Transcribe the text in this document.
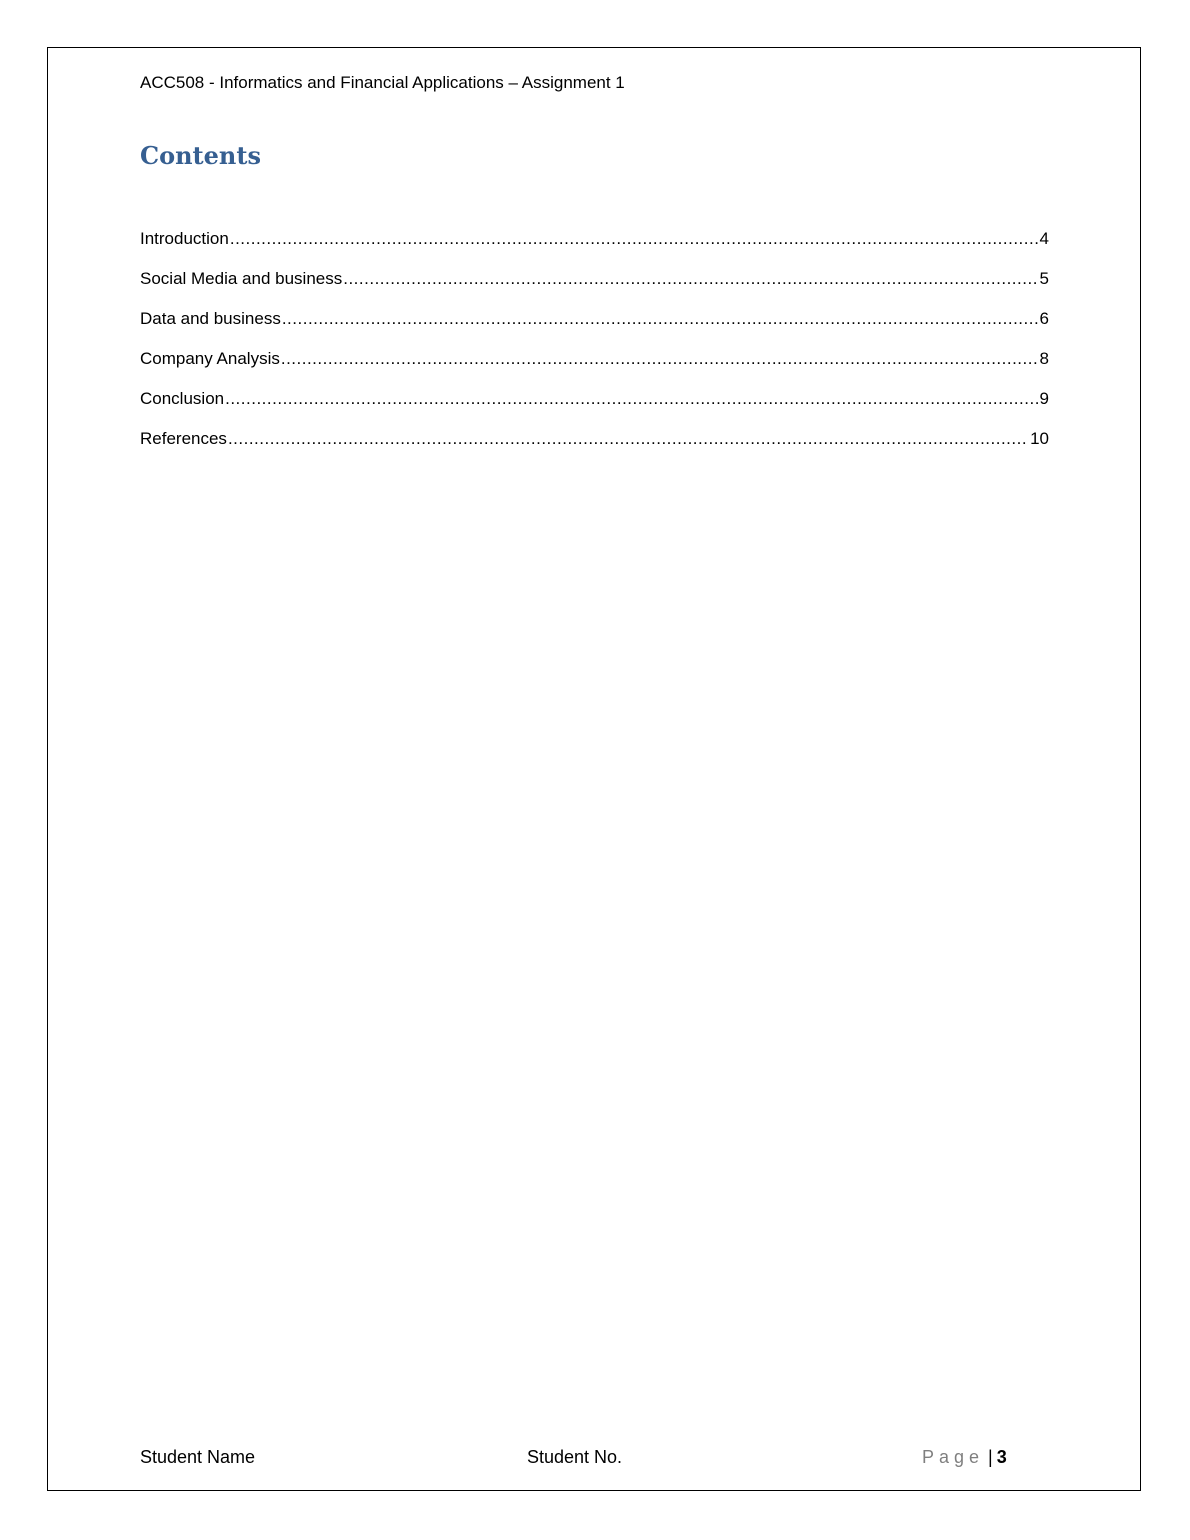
ACC508 - Informatics and Financial Applications – Assignment 1
Contents
Introduction .....	4
Social Media and business .....	5
Data and business .....	6
Company Analysis .....	8
Conclusion .....	9
References .....	10
Student Name	Student No.	Page | 3
